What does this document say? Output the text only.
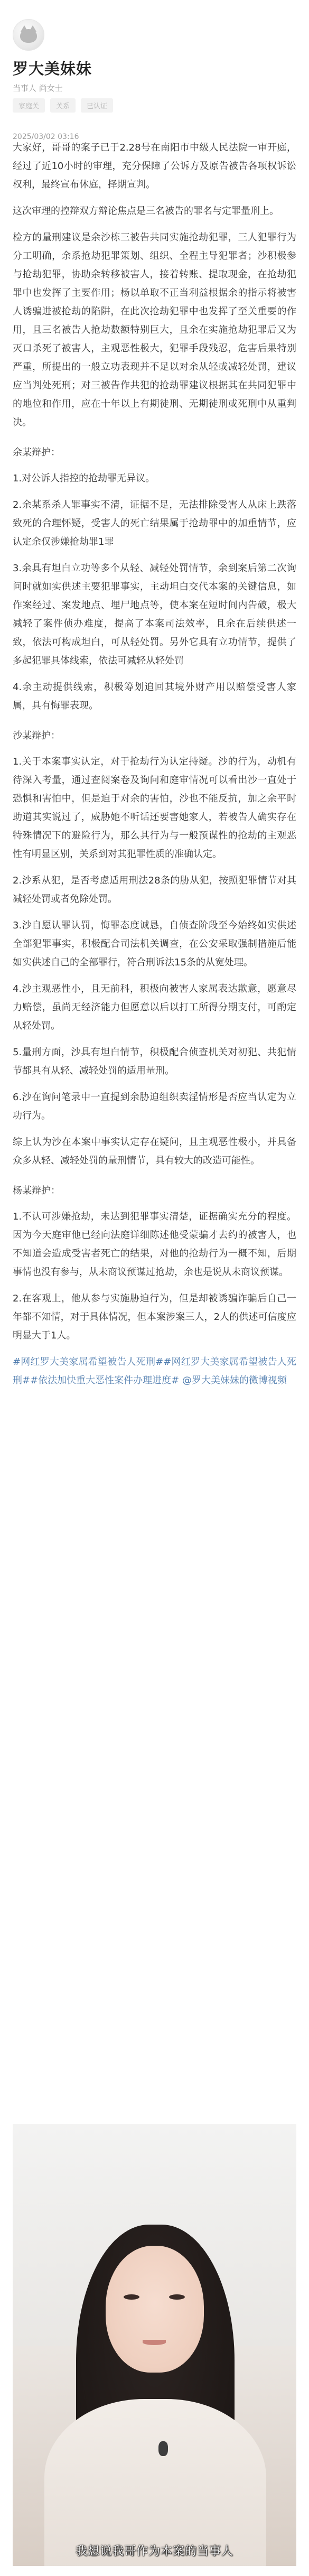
罗大美妹妹
当事人 尚女士
家庭关	关系	已认证
2025/03/02 03:16

大家好，哥哥的案子已于2.28号在南阳市中级人民法院一审开庭，经过了近10小时的审理，充分保障了公诉方及原告被告各项权诉讼权利，最终宣布休庭，择期宣判。

这次审理的控辩双方辩论焦点是三名被告的罪名与定罪量刑上。

检方的量刑建议是余沙栋三被告共同实施抢劫犯罪，三人犯罪行为分工明确，余系抢劫犯罪策划、组织、全程主导犯罪者；沙积极参与抢劫犯罪，协助余转移被害人，接着转账、提取现金，在抢劫犯罪中也发挥了主要作用；杨以单取不正当利益根据余的指示将被害人诱骗进被抢劫的陷阱，在此次抢劫犯罪中也发挥了至关重要的作用，且三名被告人抢劫数额特别巨大，且余在实施抢劫犯罪后又为灭口杀死了被害人，主观恶性极大，犯罪手段残忍，危害后果特别严重，所提出的一般立功表现并不足以对余从轻或减轻处罚，建议应当判处死刑；对三被告作共犯的抢劫罪建议根据其在共同犯罪中的地位和作用，应在十年以上有期徒刑、无期徒刑或死刑中从重判决。

余某辩护：

1.对公诉人指控的抢劫罪无异议。

2.余某系杀人罪事实不清，证据不足，无法排除受害人从床上跌落致死的合理怀疑，受害人的死亡结果属于抢劫罪中的加重情节，应认定余仅涉嫌抢劫罪1罪

3.余具有坦白立功等多个从轻、减轻处罚情节，余到案后第二次询问时就如实供述主要犯罪事实，主动坦白交代本案的关键信息，如作案经过、案发地点、埋尸地点等，使本案在短时间内告破，极大减轻了案件侦办难度，提高了本案司法效率，且余在后续供述一致，依法可构成坦白，可从轻处罚。另外它具有立功情节，提供了多起犯罪具体线索，依法可减轻从轻处罚

4.余主动提供线索，积极筹划追回其境外财产用以赔偿受害人家属，具有悔罪表现。

沙某辩护：

1.关于本案事实认定，对于抢劫行为认定持疑。沙的行为，动机有待深入考量，通过查阅案卷及询问和庭审情况可以看出沙一直处于恐惧和害怕中，但是迫于对余的害怕，沙也不能反抗，加之余平时助道其实说过了，威胁她不听话还要害她家人，若被告人确实存在特殊情况下的避险行为，那么其行为与一般预谋性的抢劫的主观恶性有明显区别，关系到对其犯罪性质的准确认定。

2.沙系从犯，是否考虑适用刑法28条的胁从犯，按照犯罪情节对其减轻处罚或者免除处罚。

3.沙自愿认罪认罚，悔罪态度诚恳，自侦查阶段至今始终如实供述全部犯罪事实，积极配合司法机关调查，在公安采取强制措施后能如实供述自己的全部罪行，符合刑诉法15条的从宽处理。

4.沙主观恶性小，且无前科，积极向被害人家属表达歉意，愿意尽力赔偿，虽尚无经济能力但愿意以后以打工所得分期支付，可酌定从轻处罚。

5.量刑方面，沙具有坦白情节，积极配合侦查机关对初犯、共犯情节都具有从轻、减轻处罚的适用量刑。

6.沙在询问笔录中一直提到余胁迫组织卖淫情形是否应当认定为立功行为。

综上认为沙在本案中事实认定存在疑问，且主观恶性极小，并具备众多从轻、减轻处罚的量刑情节，具有较大的改造可能性。

杨某辩护：

1.不认可涉嫌抢劫，未达到犯罪事实清楚，证据确实充分的程度。因为今天庭审他已经向法庭详细陈述他受蒙骗才去约的被害人，也不知道会造成受害者死亡的结果，对他的抢劫行为一概不知，后期事情也没有参与，从未商议预谋过抢劫，余也是说从未商议预谋。

2.在客观上，他从参与实施胁迫行为，但是却被诱骗诈骗后自己一年都不知情，对于具体情况，但本案涉案三人，2人的供述可信度应明显大于1人。

#网红罗大美家属希望被告人死刑##网红罗大美家属希望被告人死刑##依法加快重大恶性案件办理进度# @罗大美妹妹的微博视频

我想说我哥作为本案的当事人
